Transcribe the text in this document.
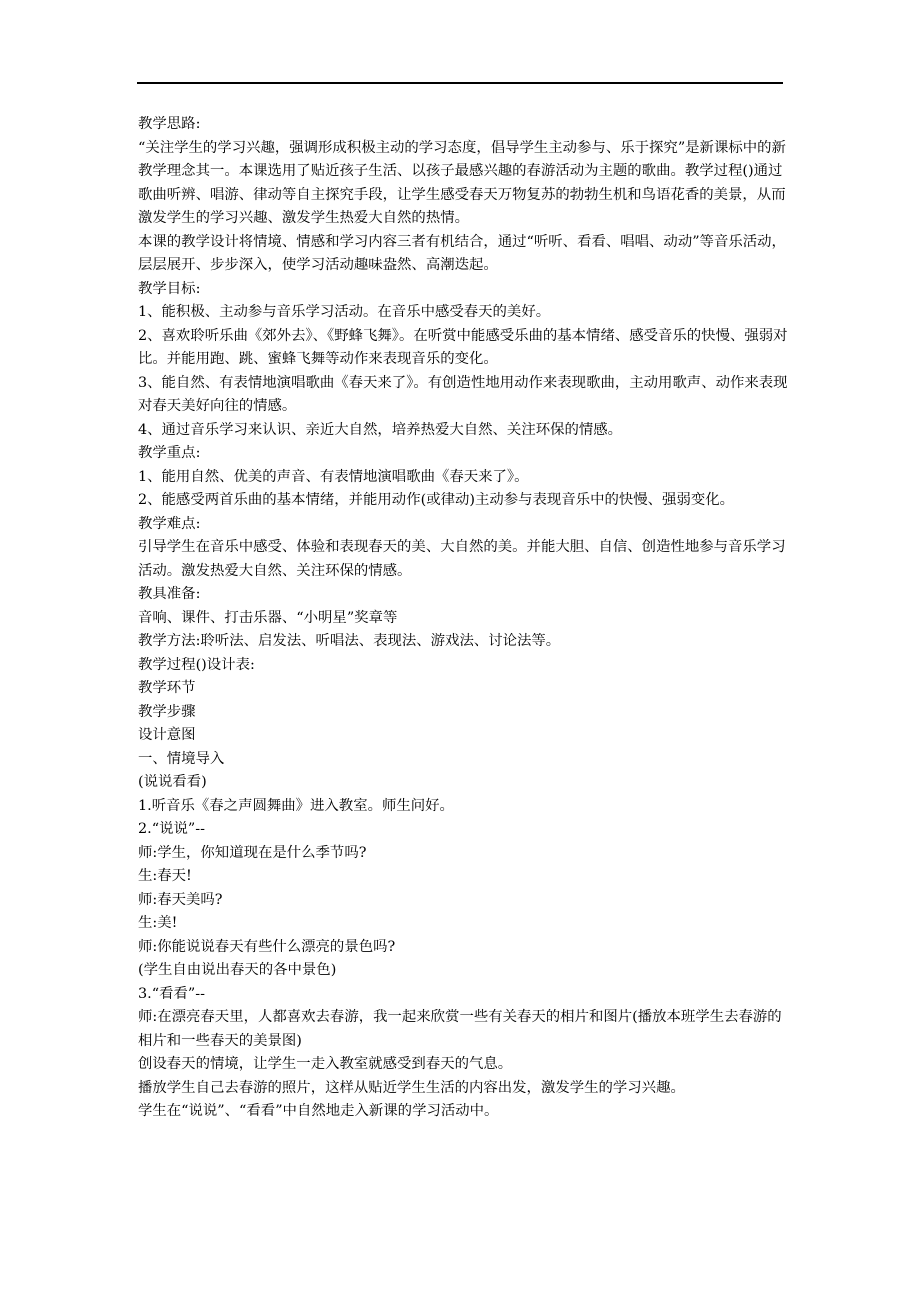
教学思路:

“关注学生的学习兴趣，强调形成积极主动的学习态度，倡导学生主动参与、乐于探究”是新课标中的新教学理念其一。本课选用了贴近孩子生活、以孩子最感兴趣的春游活动为主题的歌曲。教学过程()通过歌曲听辨、唱游、律动等自主探究手段，让学生感受春天万物复苏的勃勃生机和鸟语花香的美景，从而激发学生的学习兴趣、激发学生热爱大自然的热情。

本课的教学设计将情境、情感和学习内容三者有机结合，通过“听听、看看、唱唱、动动”等音乐活动，层层展开、步步深入，使学习活动趣味盎然、高潮迭起。

教学目标:

1、能积极、主动参与音乐学习活动。在音乐中感受春天的美好。

2、喜欢聆听乐曲《郊外去》、《野蜂飞舞》。在听赏中能感受乐曲的基本情绪、感受音乐的快慢、强弱对比。并能用跑、跳、蜜蜂飞舞等动作来表现音乐的变化。

3、能自然、有表情地演唱歌曲《春天来了》。有创造性地用动作来表现歌曲，主动用歌声、动作来表现对春天美好向往的情感。

4、通过音乐学习来认识、亲近大自然，培养热爱大自然、关注环保的情感。

教学重点:

1、能用自然、优美的声音、有表情地演唱歌曲《春天来了》。

2、能感受两首乐曲的基本情绪，并能用动作(或律动)主动参与表现音乐中的快慢、强弱变化。

教学难点:

引导学生在音乐中感受、体验和表现春天的美、大自然的美。并能大胆、自信、创造性地参与音乐学习活动。激发热爱大自然、关注环保的情感。

教具准备:

音响、课件、打击乐器、“小明星”奖章等

教学方法:聆听法、启发法、听唱法、表现法、游戏法、讨论法等。

教学过程()设计表:

教学环节

教学步骤

设计意图

一、情境导入

(说说看看)

1.听音乐《春之声圆舞曲》进入教室。师生问好。

2.“说说”--

师:学生，你知道现在是什么季节吗?

生:春天!

师:春天美吗?

生:美!

师:你能说说春天有些什么漂亮的景色吗?

(学生自由说出春天的各中景色)

3.“看看”--

师:在漂亮春天里，人都喜欢去春游，我一起来欣赏一些有关春天的相片和图片(播放本班学生去春游的相片和一些春天的美景图)

创设春天的情境，让学生一走入教室就感受到春天的气息。

播放学生自己去春游的照片，这样从贴近学生生活的内容出发，激发学生的学习兴趣。

学生在“说说”、“看看”中自然地走入新课的学习活动中。
